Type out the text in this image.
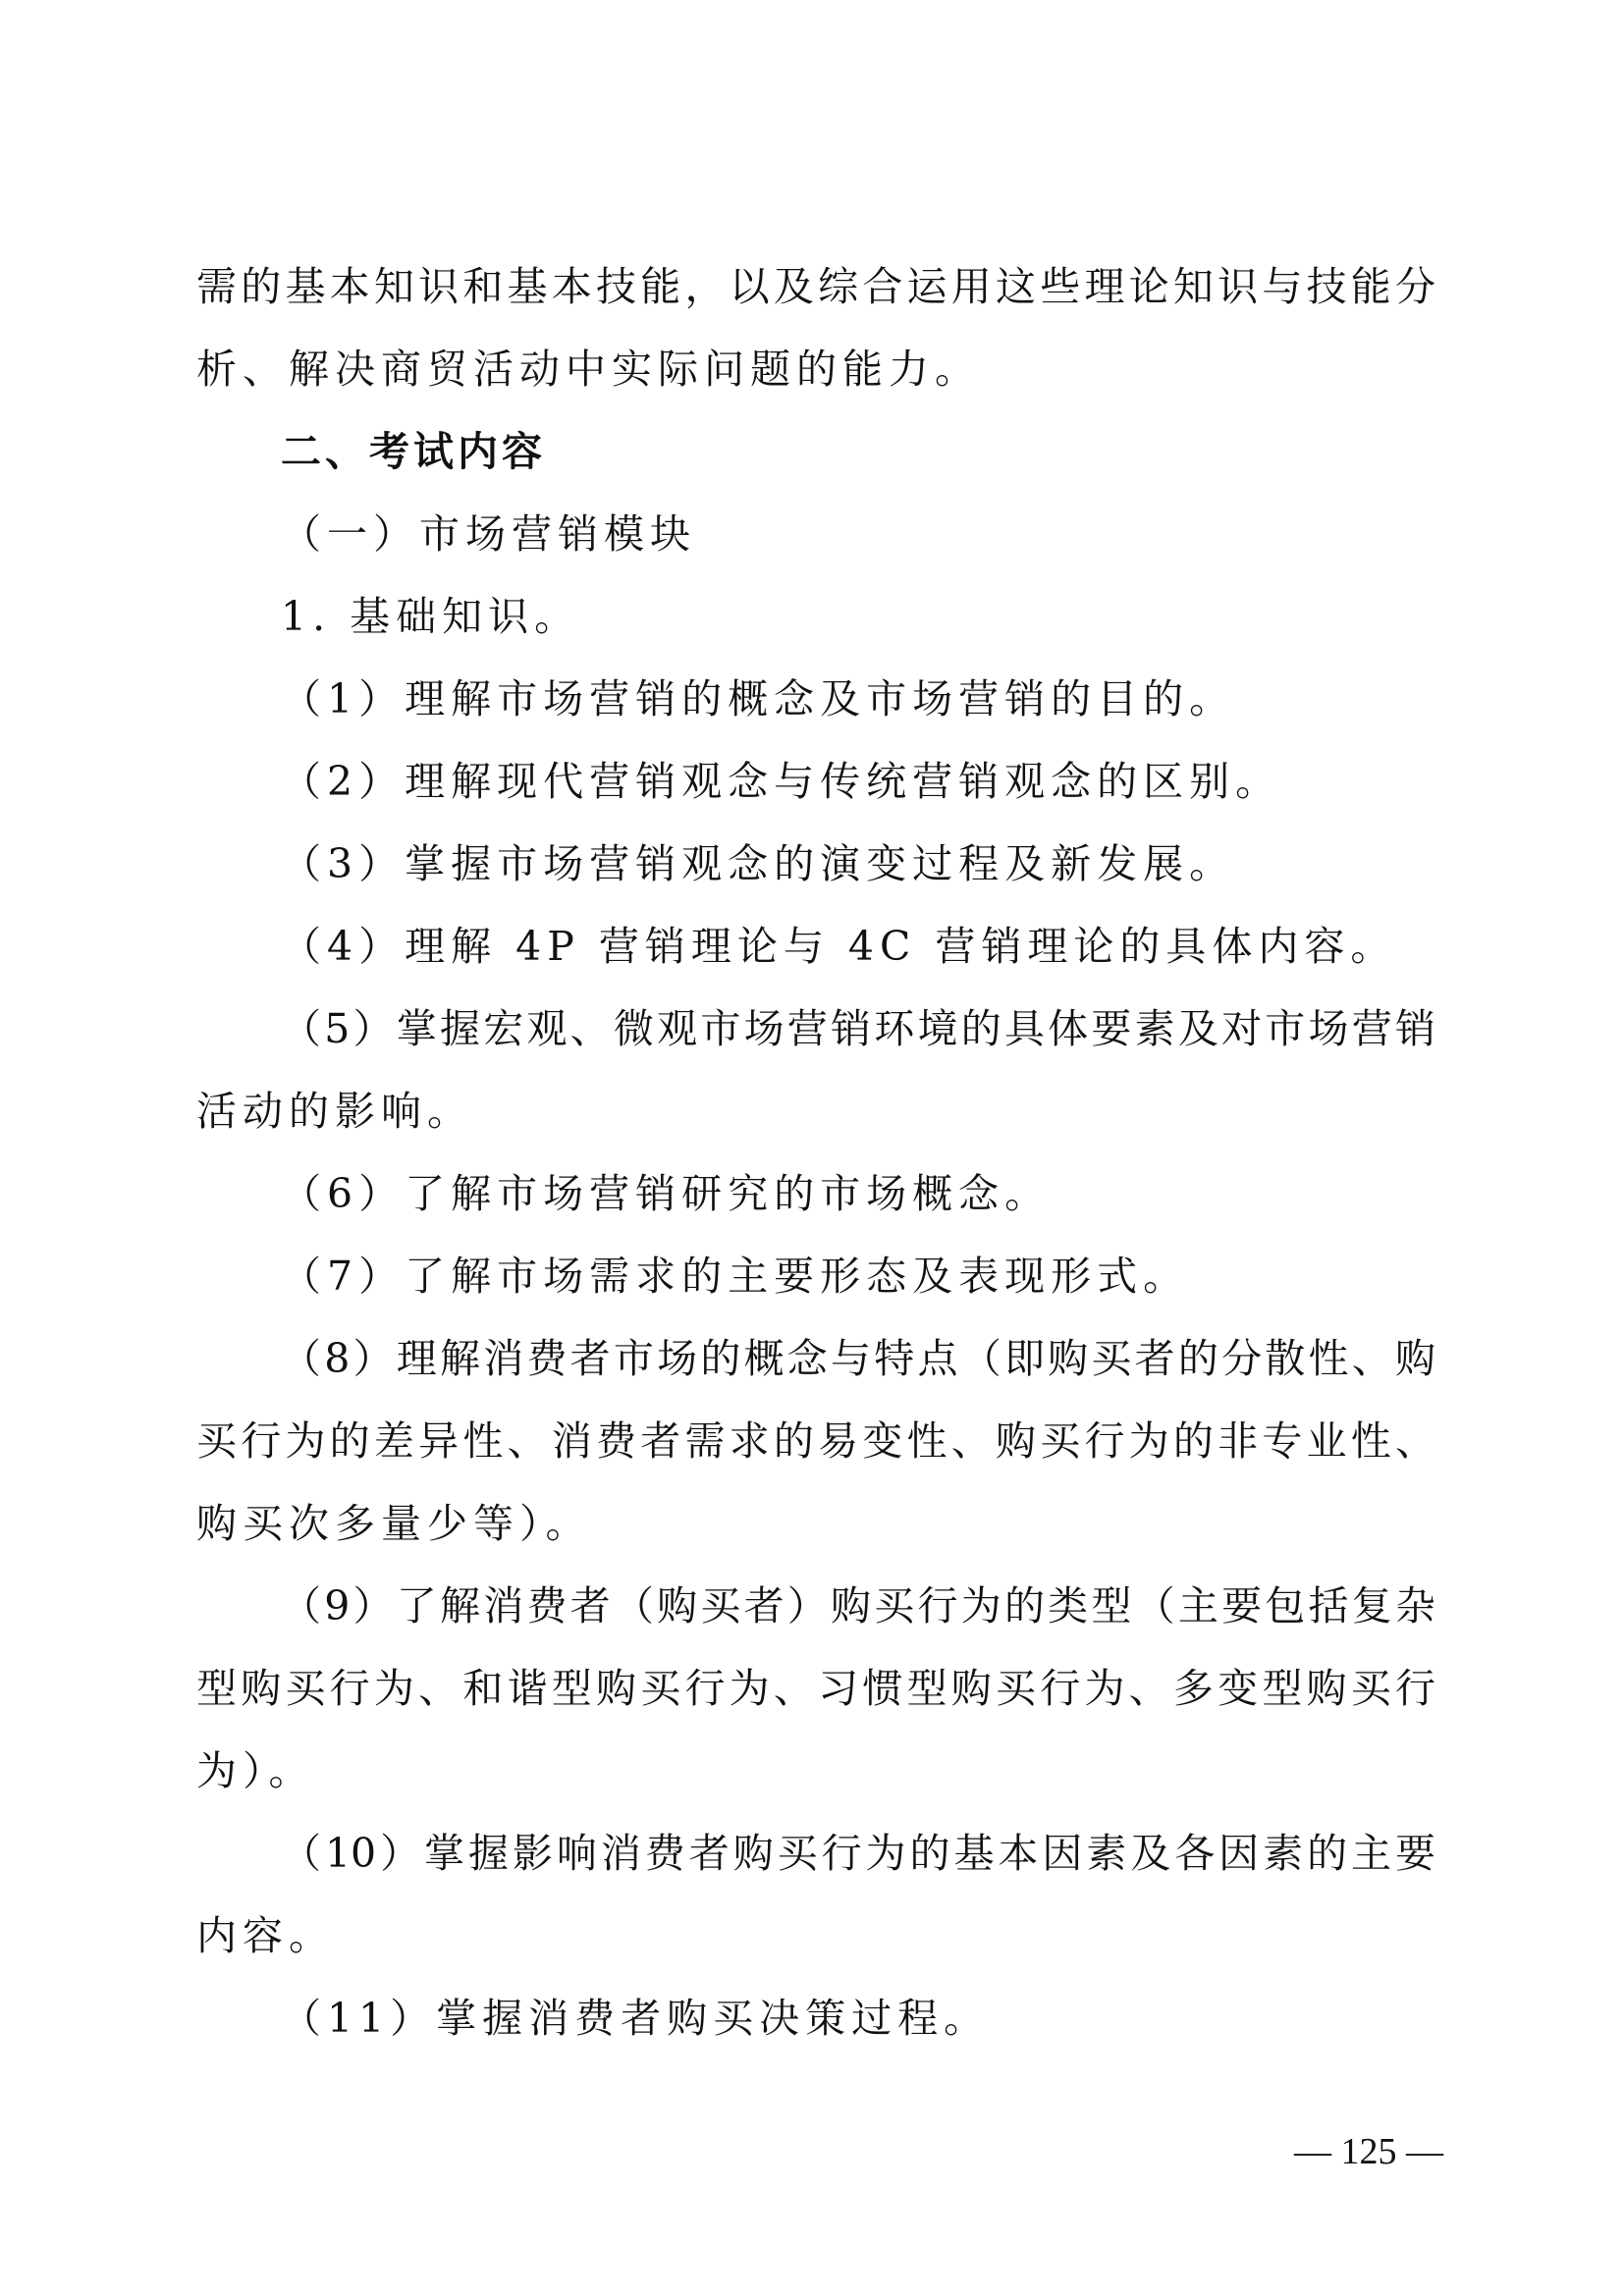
需的基本知识和基本技能，以及综合运用这些理论知识与技能分

析、解决商贸活动中实际问题的能力。

二、考试内容

（一）市场营销模块

1. 基础知识。

（1）理解市场营销的概念及市场营销的目的。

（2）理解现代营销观念与传统营销观念的区别。

（3）掌握市场营销观念的演变过程及新发展。

（4）理解 4P 营销理论与 4C 营销理论的具体内容。

（5）掌握宏观、微观市场营销环境的具体要素及对市场营销

活动的影响。

（6）了解市场营销研究的市场概念。

（7）了解市场需求的主要形态及表现形式。

（8）理解消费者市场的概念与特点（即购买者的分散性、购

买行为的差异性、消费者需求的易变性、购买行为的非专业性、

购买次多量少等）。

（9）了解消费者（购买者）购买行为的类型（主要包括复杂

型购买行为、和谐型购买行为、习惯型购买行为、多变型购买行

为）。

（10）掌握影响消费者购买行为的基本因素及各因素的主要

内容。

（11）掌握消费者购买决策过程。

— 125 —
